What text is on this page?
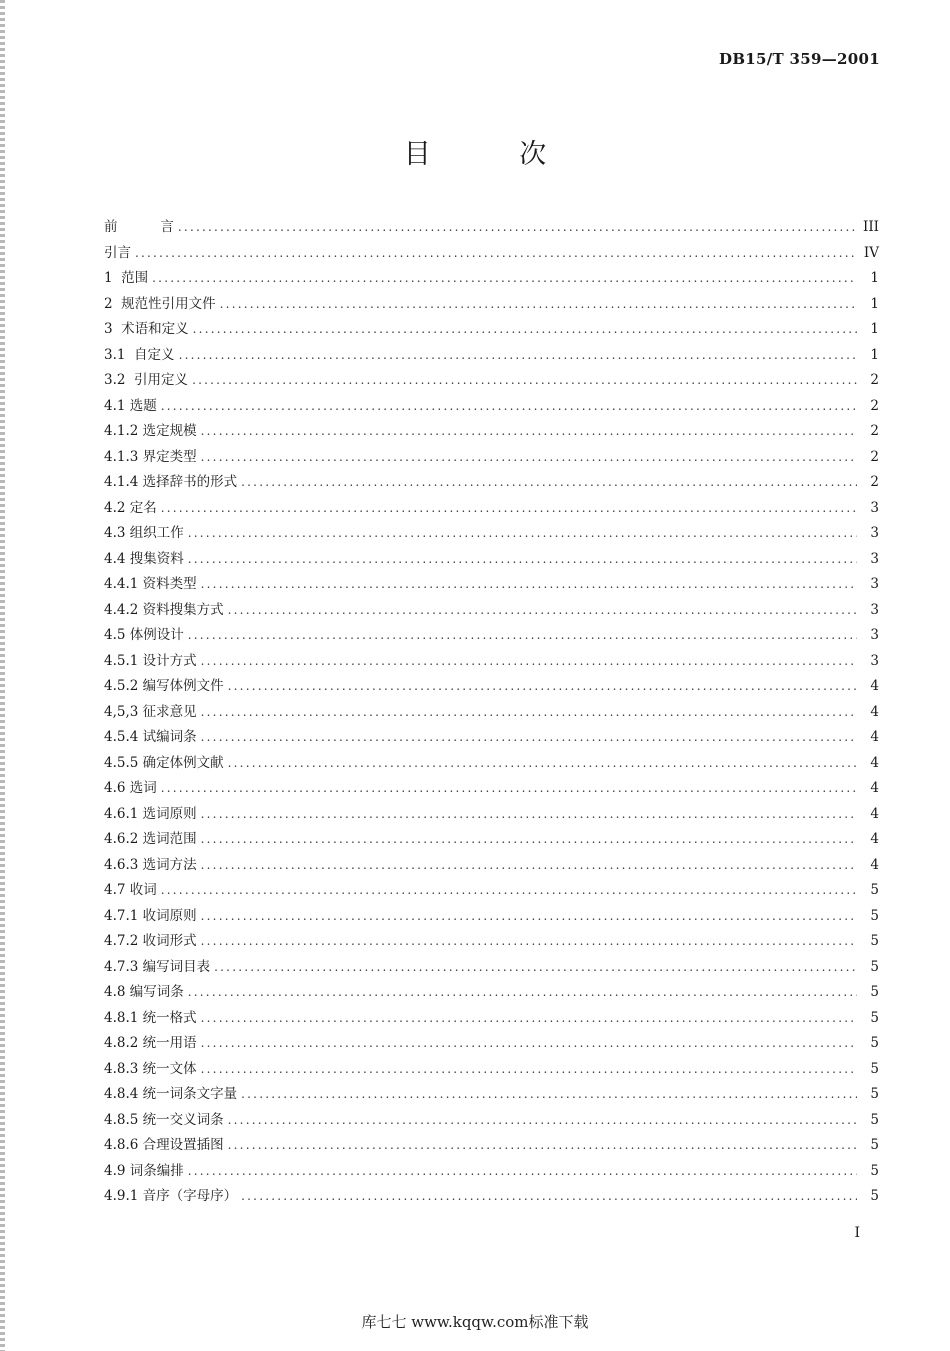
DB15/T 359—2001
目 次
前          言 .....	III
引言 .....	IV
1  范围 .....	1
2  规范性引用文件 .....	1
3  术语和定义 .....	1
3.1  自定义 .....	1
3.2  引用定义 .....	2
4.1 选题 .....	2
4.1.2 选定规模 .....	2
4.1.3 界定类型 .....	2
4.1.4 选择辞书的形式 .....	2
4.2 定名 .....	3
4.3 组织工作 .....	3
4.4 搜集资料 .....	3
4.4.1 资料类型 .....	3
4.4.2 资料搜集方式 .....	3
4.5 体例设计 .....	3
4.5.1 设计方式 .....	3
4.5.2 编写体例文件 .....	4
4,5,3 征求意见 .....	4
4.5.4 试编词条 .....	4
4.5.5 确定体例文献 .....	4
4.6 选词 .....	4
4.6.1 选词原则 .....	4
4.6.2 选词范围 .....	4
4.6.3 选词方法 .....	4
4.7 收词 .....	5
4.7.1 收词原则 .....	5
4.7.2 收词形式 .....	5
4.7.3 编写词目表 .....	5
4.8 编写词条 .....	5
4.8.1 统一格式 .....	5
4.8.2 统一用语 .....	5
4.8.3 统一文体 .....	5
4.8.4 统一词条文字量 .....	5
4.8.5 统一交义词条 .....	5
4.8.6 合理设置插图 .....	5
4.9 词条编排 .....	5
4.9.1 音序（字母序） .....	5
I
库七七 www.kqqw.com标准下载
